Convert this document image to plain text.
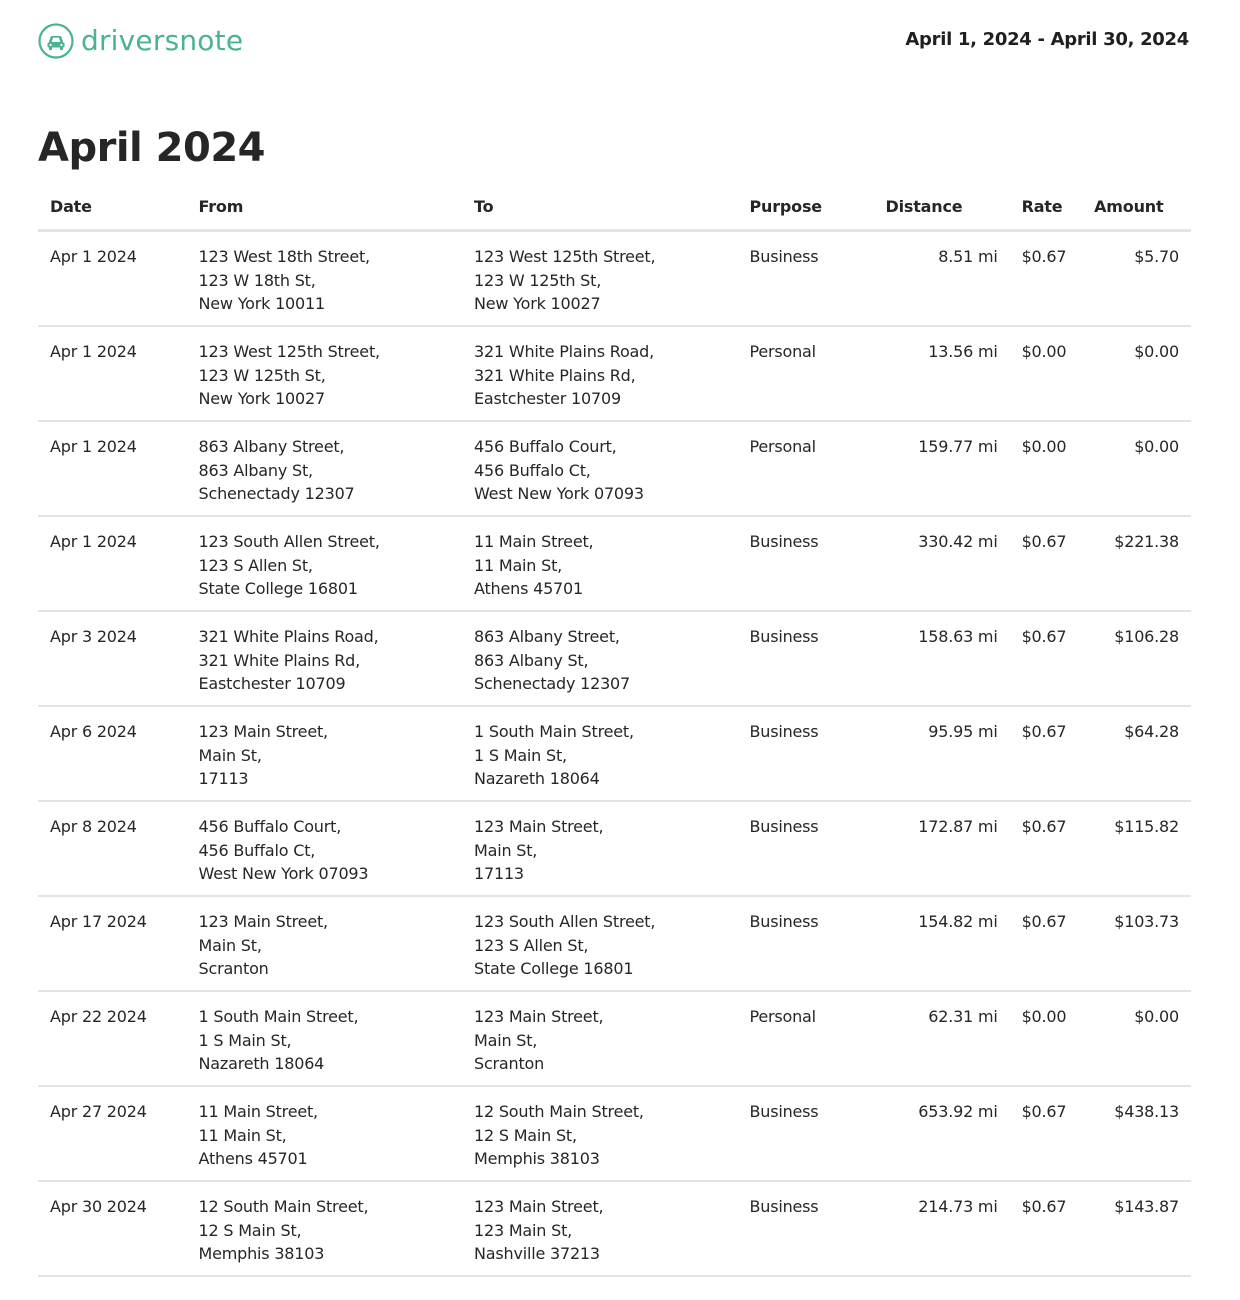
driversnote	April 1, 2024 - April 30, 2024
April 2024
Date	From	To	Purpose	Distance	Rate	Amount
Apr 1 2024	123 West 18th Street,
123 W 18th St,
New York 10011	123 West 125th Street,
123 W 125th St,
New York 10027	Business	8.51 mi	$0.67	$5.70
Apr 1 2024	123 West 125th Street,
123 W 125th St,
New York 10027	321 White Plains Road,
321 White Plains Rd,
Eastchester 10709	Personal	13.56 mi	$0.00	$0.00
Apr 1 2024	863 Albany Street,
863 Albany St,
Schenectady 12307	456 Buffalo Court,
456 Buffalo Ct,
West New York 07093	Personal	159.77 mi	$0.00	$0.00
Apr 1 2024	123 South Allen Street,
123 S Allen St,
State College 16801	11 Main Street,
11 Main St,
Athens 45701	Business	330.42 mi	$0.67	$221.38
Apr 3 2024	321 White Plains Road,
321 White Plains Rd,
Eastchester 10709	863 Albany Street,
863 Albany St,
Schenectady 12307	Business	158.63 mi	$0.67	$106.28
Apr 6 2024	123 Main Street,
Main St,
17113	1 South Main Street,
1 S Main St,
Nazareth 18064	Business	95.95 mi	$0.67	$64.28
Apr 8 2024	456 Buffalo Court,
456 Buffalo Ct,
West New York 07093	123 Main Street,
Main St,
17113	Business	172.87 mi	$0.67	$115.82
Apr 17 2024	123 Main Street,
Main St,
Scranton	123 South Allen Street,
123 S Allen St,
State College 16801	Business	154.82 mi	$0.67	$103.73
Apr 22 2024	1 South Main Street,
1 S Main St,
Nazareth 18064	123 Main Street,
Main St,
Scranton	Personal	62.31 mi	$0.00	$0.00
Apr 27 2024	11 Main Street,
11 Main St,
Athens 45701	12 South Main Street,
12 S Main St,
Memphis 38103	Business	653.92 mi	$0.67	$438.13
Apr 30 2024	12 South Main Street,
12 S Main St,
Memphis 38103	123 Main Street,
123 Main St,
Nashville 37213	Business	214.73 mi	$0.67	$143.87
